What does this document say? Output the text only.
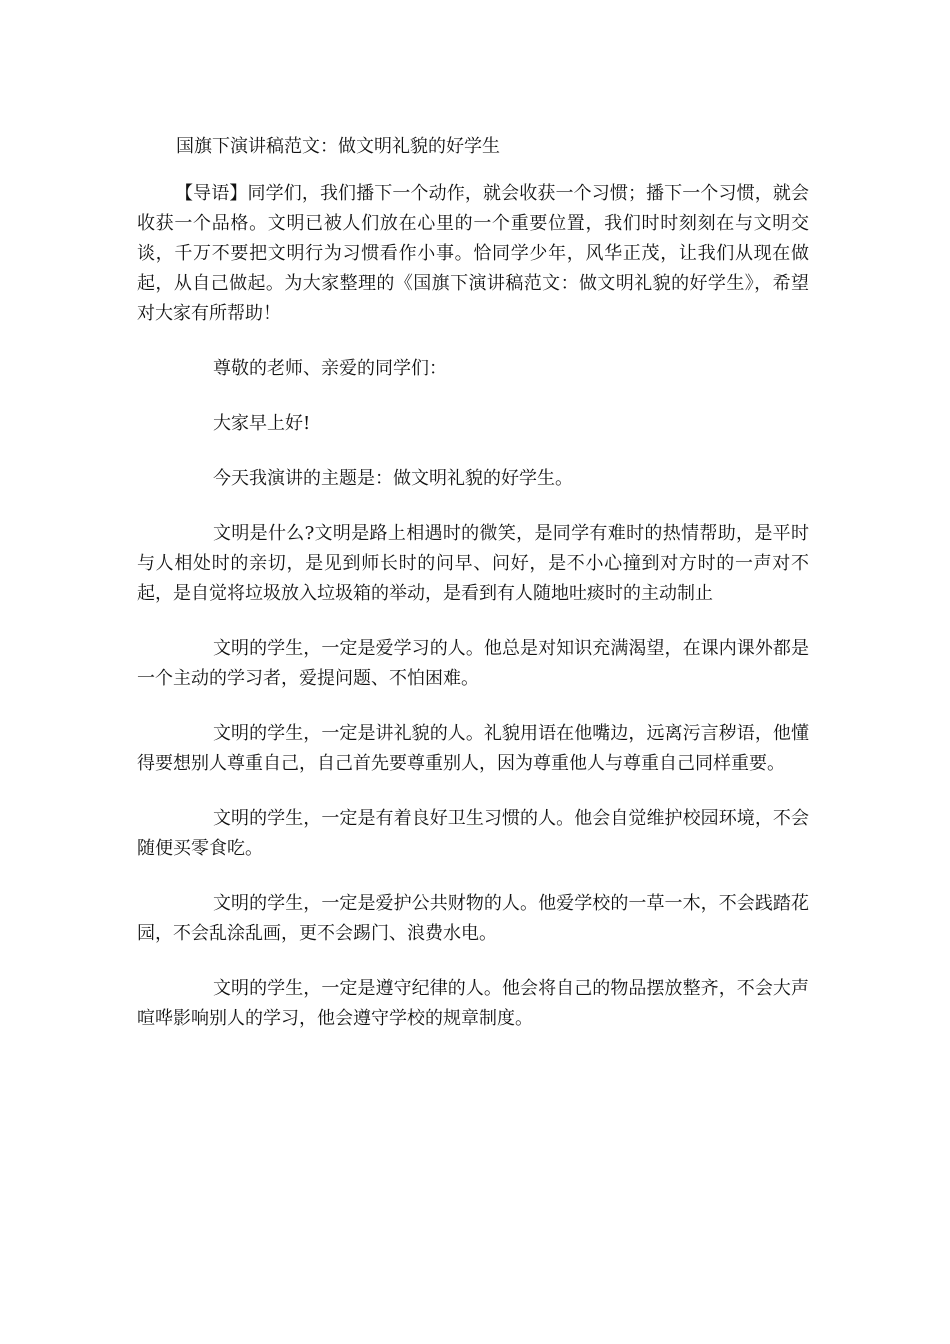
国旗下演讲稿范文：做文明礼貌的好学生

【导语】同学们，我们播下一个动作，就会收获一个习惯；播下一个习惯，就会收获一个品格。文明已被人们放在心里的一个重要位置，我们时时刻刻在与文明交谈，千万不要把文明行为习惯看作小事。恰同学少年，风华正茂，让我们从现在做起，从自己做起。为大家整理的《国旗下演讲稿范文：做文明礼貌的好学生》，希望对大家有所帮助！

尊敬的老师、亲爱的同学们：

大家早上好!

今天我演讲的主题是：做文明礼貌的好学生。

文明是什么?文明是路上相遇时的微笑，是同学有难时的热情帮助，是平时与人相处时的亲切，是见到师长时的问早、问好，是不小心撞到对方时的一声对不起，是自觉将垃圾放入垃圾箱的举动，是看到有人随地吐痰时的主动制止

文明的学生，一定是爱学习的人。他总是对知识充满渴望，在课内课外都是一个主动的学习者，爱提问题、不怕困难。

文明的学生，一定是讲礼貌的人。礼貌用语在他嘴边，远离污言秽语，他懂得要想别人尊重自己，自己首先要尊重别人，因为尊重他人与尊重自己同样重要。

文明的学生，一定是有着良好卫生习惯的人。他会自觉维护校园环境，不会随便买零食吃。

文明的学生，一定是爱护公共财物的人。他爱学校的一草一木，不会践踏花园，不会乱涂乱画，更不会踢门、浪费水电。

文明的学生，一定是遵守纪律的人。他会将自己的物品摆放整齐，不会大声喧哗影响别人的学习，他会遵守学校的规章制度。
